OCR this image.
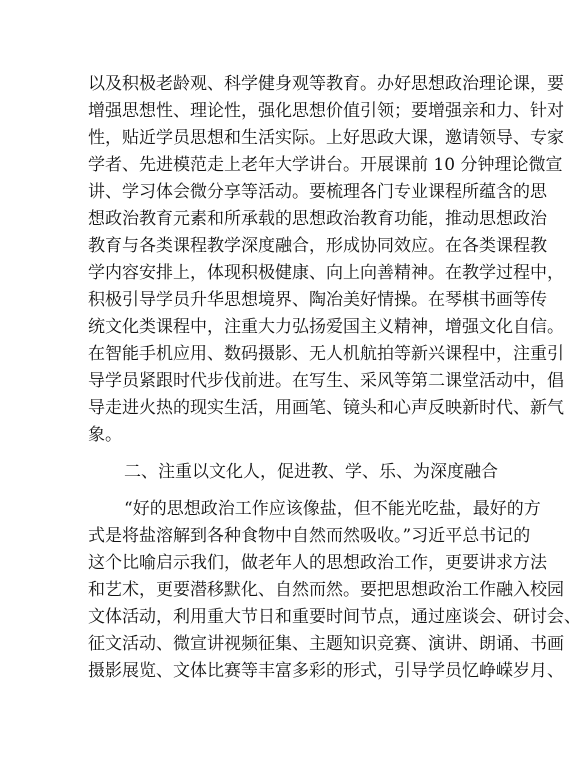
以及积极老龄观、科学健身观等教育。办好思想政治理论课，要
增强思想性、理论性，强化思想价值引领；要增强亲和力、针对
性，贴近学员思想和生活实际。上好思政大课，邀请领导、专家
学者、先进模范走上老年大学讲台。开展课前 10 分钟理论微宣
讲、学习体会微分享等活动。要梳理各门专业课程所蕴含的思
想政治教育元素和所承载的思想政治教育功能，推动思想政治
教育与各类课程教学深度融合，形成协同效应。在各类课程教
学内容安排上，体现积极健康、向上向善精神。在教学过程中，
积极引导学员升华思想境界、陶冶美好情操。在琴棋书画等传
统文化类课程中，注重大力弘扬爱国主义精神，增强文化自信。
在智能手机应用、数码摄影、无人机航拍等新兴课程中，注重引
导学员紧跟时代步伐前进。在写生、采风等第二课堂活动中，倡
导走进火热的现实生活，用画笔、镜头和心声反映新时代、新气
象。
二、注重以文化人，促进教、学、乐、为深度融合
“好的思想政治工作应该像盐，但不能光吃盐，最好的方
式是将盐溶解到各种食物中自然而然吸收。”习近平总书记的
这个比喻启示我们，做老年人的思想政治工作，更要讲求方法
和艺术，更要潜移默化、自然而然。要把思想政治工作融入校园
文体活动，利用重大节日和重要时间节点，通过座谈会、研讨会、
征文活动、微宣讲视频征集、主题知识竞赛、演讲、朗诵、书画
摄影展览、文体比赛等丰富多彩的形式，引导学员忆峥嵘岁月、
